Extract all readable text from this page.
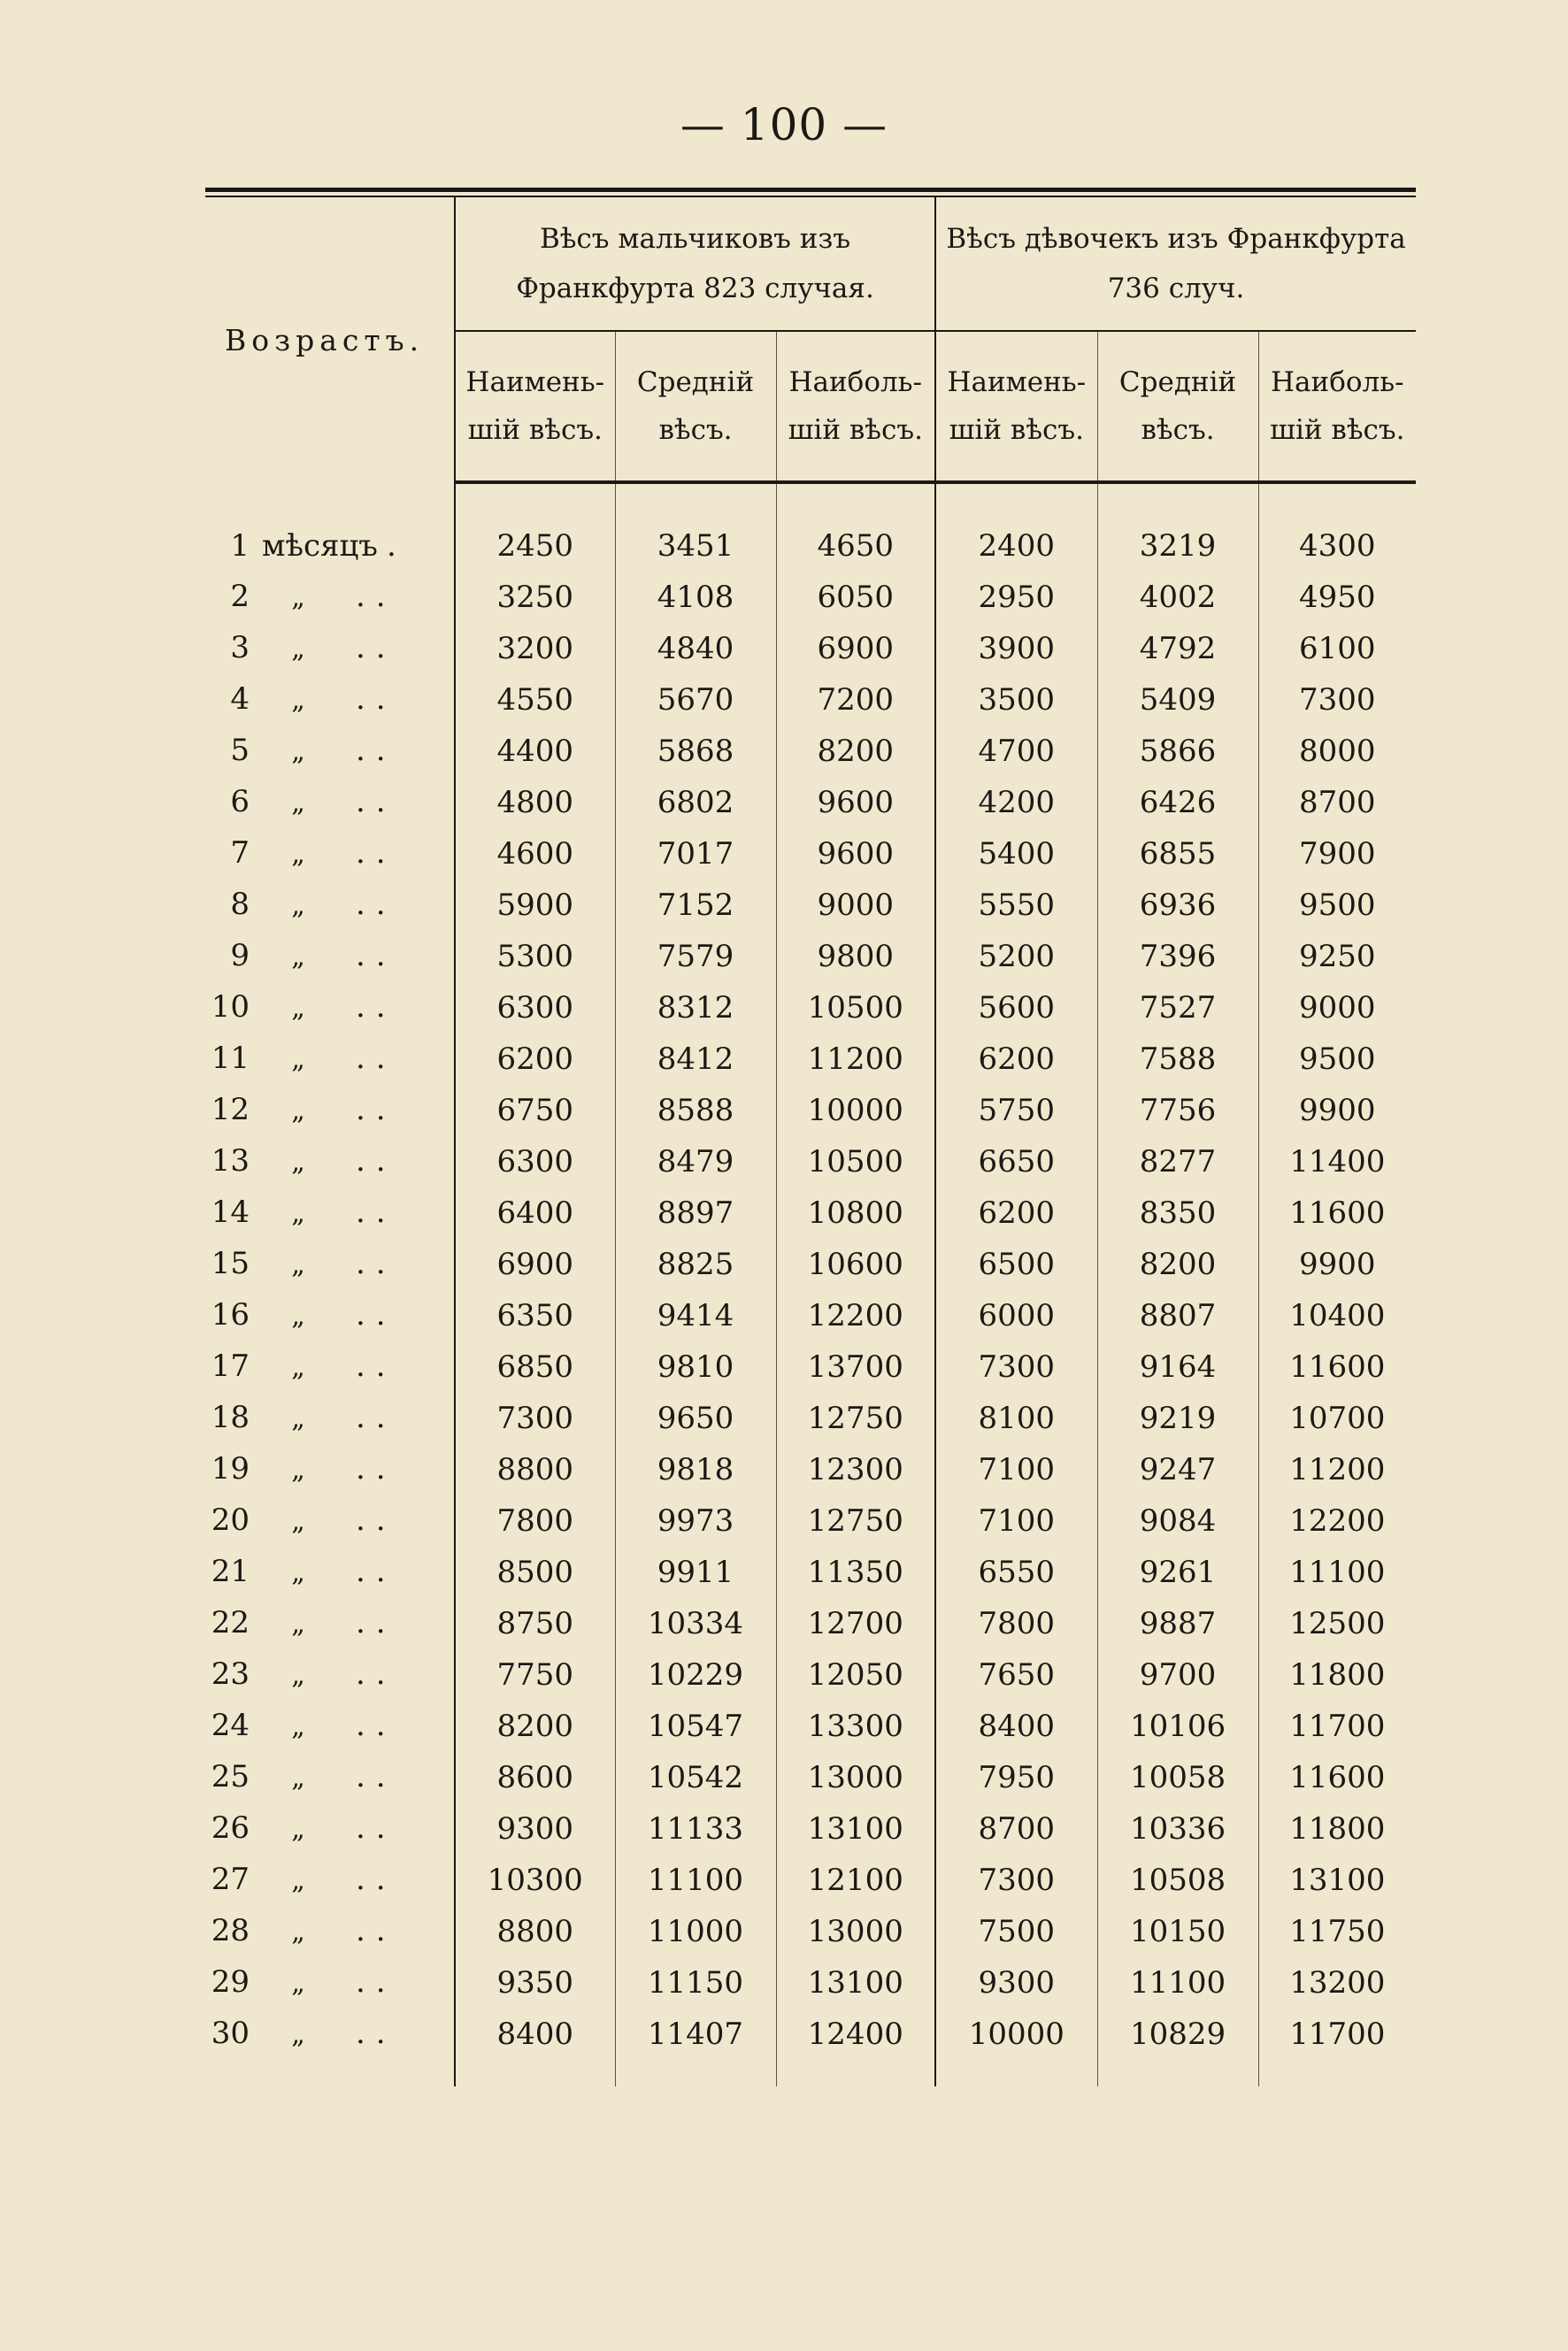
— 100 —
Возрастъ.	Вѣсъ мальчиковъ изъ Франкфурта 823 случая.			Вѣсъ дѣвочекъ изъ Франкфурта 736 случ.		
	Наимень-шій вѣсъ.	Средній вѣсъ.	Наиболь-шій вѣсъ.	Наимень-шій вѣсъ.	Средній вѣсъ.	Наиболь-шій вѣсъ.

1 мѣсяцъ .	2450	3451	4650	2400	3219	4300
2 „ ..	3250	4108	6050	2950	4002	4950
3 „ ..	3200	4840	6900	3900	4792	6100
4 „ ..	4550	5670	7200	3500	5409	7300
5 „ ..	4400	5868	8200	4700	5866	8000
6 „ ..	4800	6802	9600	4200	6426	8700
7 „ ..	4600	7017	9600	5400	6855	7900
8 „ ..	5900	7152	9000	5550	6936	9500
9 „ ..	5300	7579	9800	5200	7396	9250
10 „ ..	6300	8312	10500	5600	7527	9000
11 „ ..	6200	8412	11200	6200	7588	9500
12 „ ..	6750	8588	10000	5750	7756	9900
13 „ ..	6300	8479	10500	6650	8277	11400
14 „ ..	6400	8897	10800	6200	8350	11600
15 „ ..	6900	8825	10600	6500	8200	9900
16 „ ..	6350	9414	12200	6000	8807	10400
17 „ ..	6850	9810	13700	7300	9164	11600
18 „ ..	7300	9650	12750	8100	9219	10700
19 „ ..	8800	9818	12300	7100	9247	11200
20 „ ..	7800	9973	12750	7100	9084	12200
21 „ ..	8500	9911	11350	6550	9261	11100
22 „ ..	8750	10334	12700	7800	9887	12500
23 „ ..	7750	10229	12050	7650	9700	11800
24 „ ..	8200	10547	13300	8400	10106	11700
25 „ ..	8600	10542	13000	7950	10058	11600
26 „ ..	9300	11133	13100	8700	10336	11800
27 „ ..	10300	11100	12100	7300	10508	13100
28 „ ..	8800	11000	13000	7500	10150	11750
29 „ ..	9350	11150	13100	9300	11100	13200
30 „ ..	8400	11407	12400	10000	10829	11700
